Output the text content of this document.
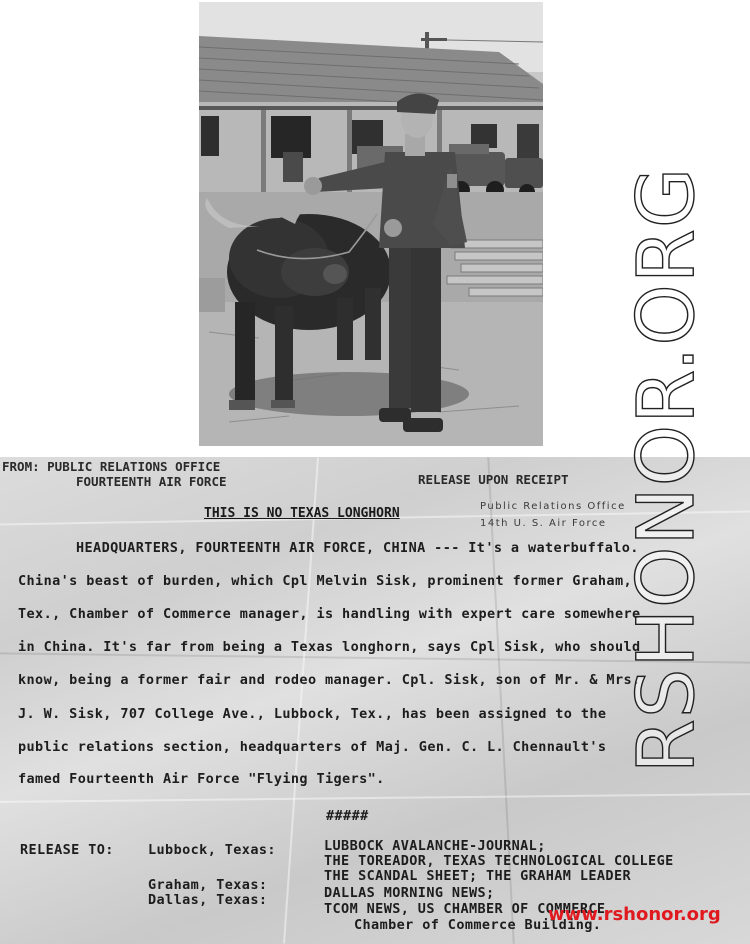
FROM: PUBLIC RELATIONS OFFICE
FOURTEENTH AIR FORCE	RELEASE UPON RECEIPT
Public Relations Office
14th U. S. Air Force
THIS IS NO TEXAS LONGHORN
HEADQUARTERS, FOURTEENTH AIR FORCE, CHINA --- It's a waterbuffalo.
China's beast of burden, which Cpl Melvin Sisk, prominent former Graham,
Tex., Chamber of Commerce manager, is handling with expert care somewhere
in China. It's far from being a Texas longhorn, says Cpl Sisk, who should
know, being a former fair and rodeo manager. Cpl. Sisk, son of Mr. & Mrs.
J. W. Sisk, 707 College Ave., Lubbock, Tex., has been assigned to the
public relations section, headquarters of Maj. Gen. C. L. Chennault's
famed Fourteenth Air Force "Flying Tigers".
#####
RELEASE TO:	Lubbock, Texas:	LUBBOCK AVALANCHE-JOURNAL;
THE TOREADOR, TEXAS TECHNOLOGICAL COLLEGE
Graham, Texas:
THE SCANDAL SHEET; THE GRAHAM LEADER
Dallas, Texas:	DALLAS MORNING NEWS;
TCOM NEWS, US CHAMBER OF COMMERCE
Chamber of Commerce Building.
RSHONOR.ORG
www.rshonor.org
